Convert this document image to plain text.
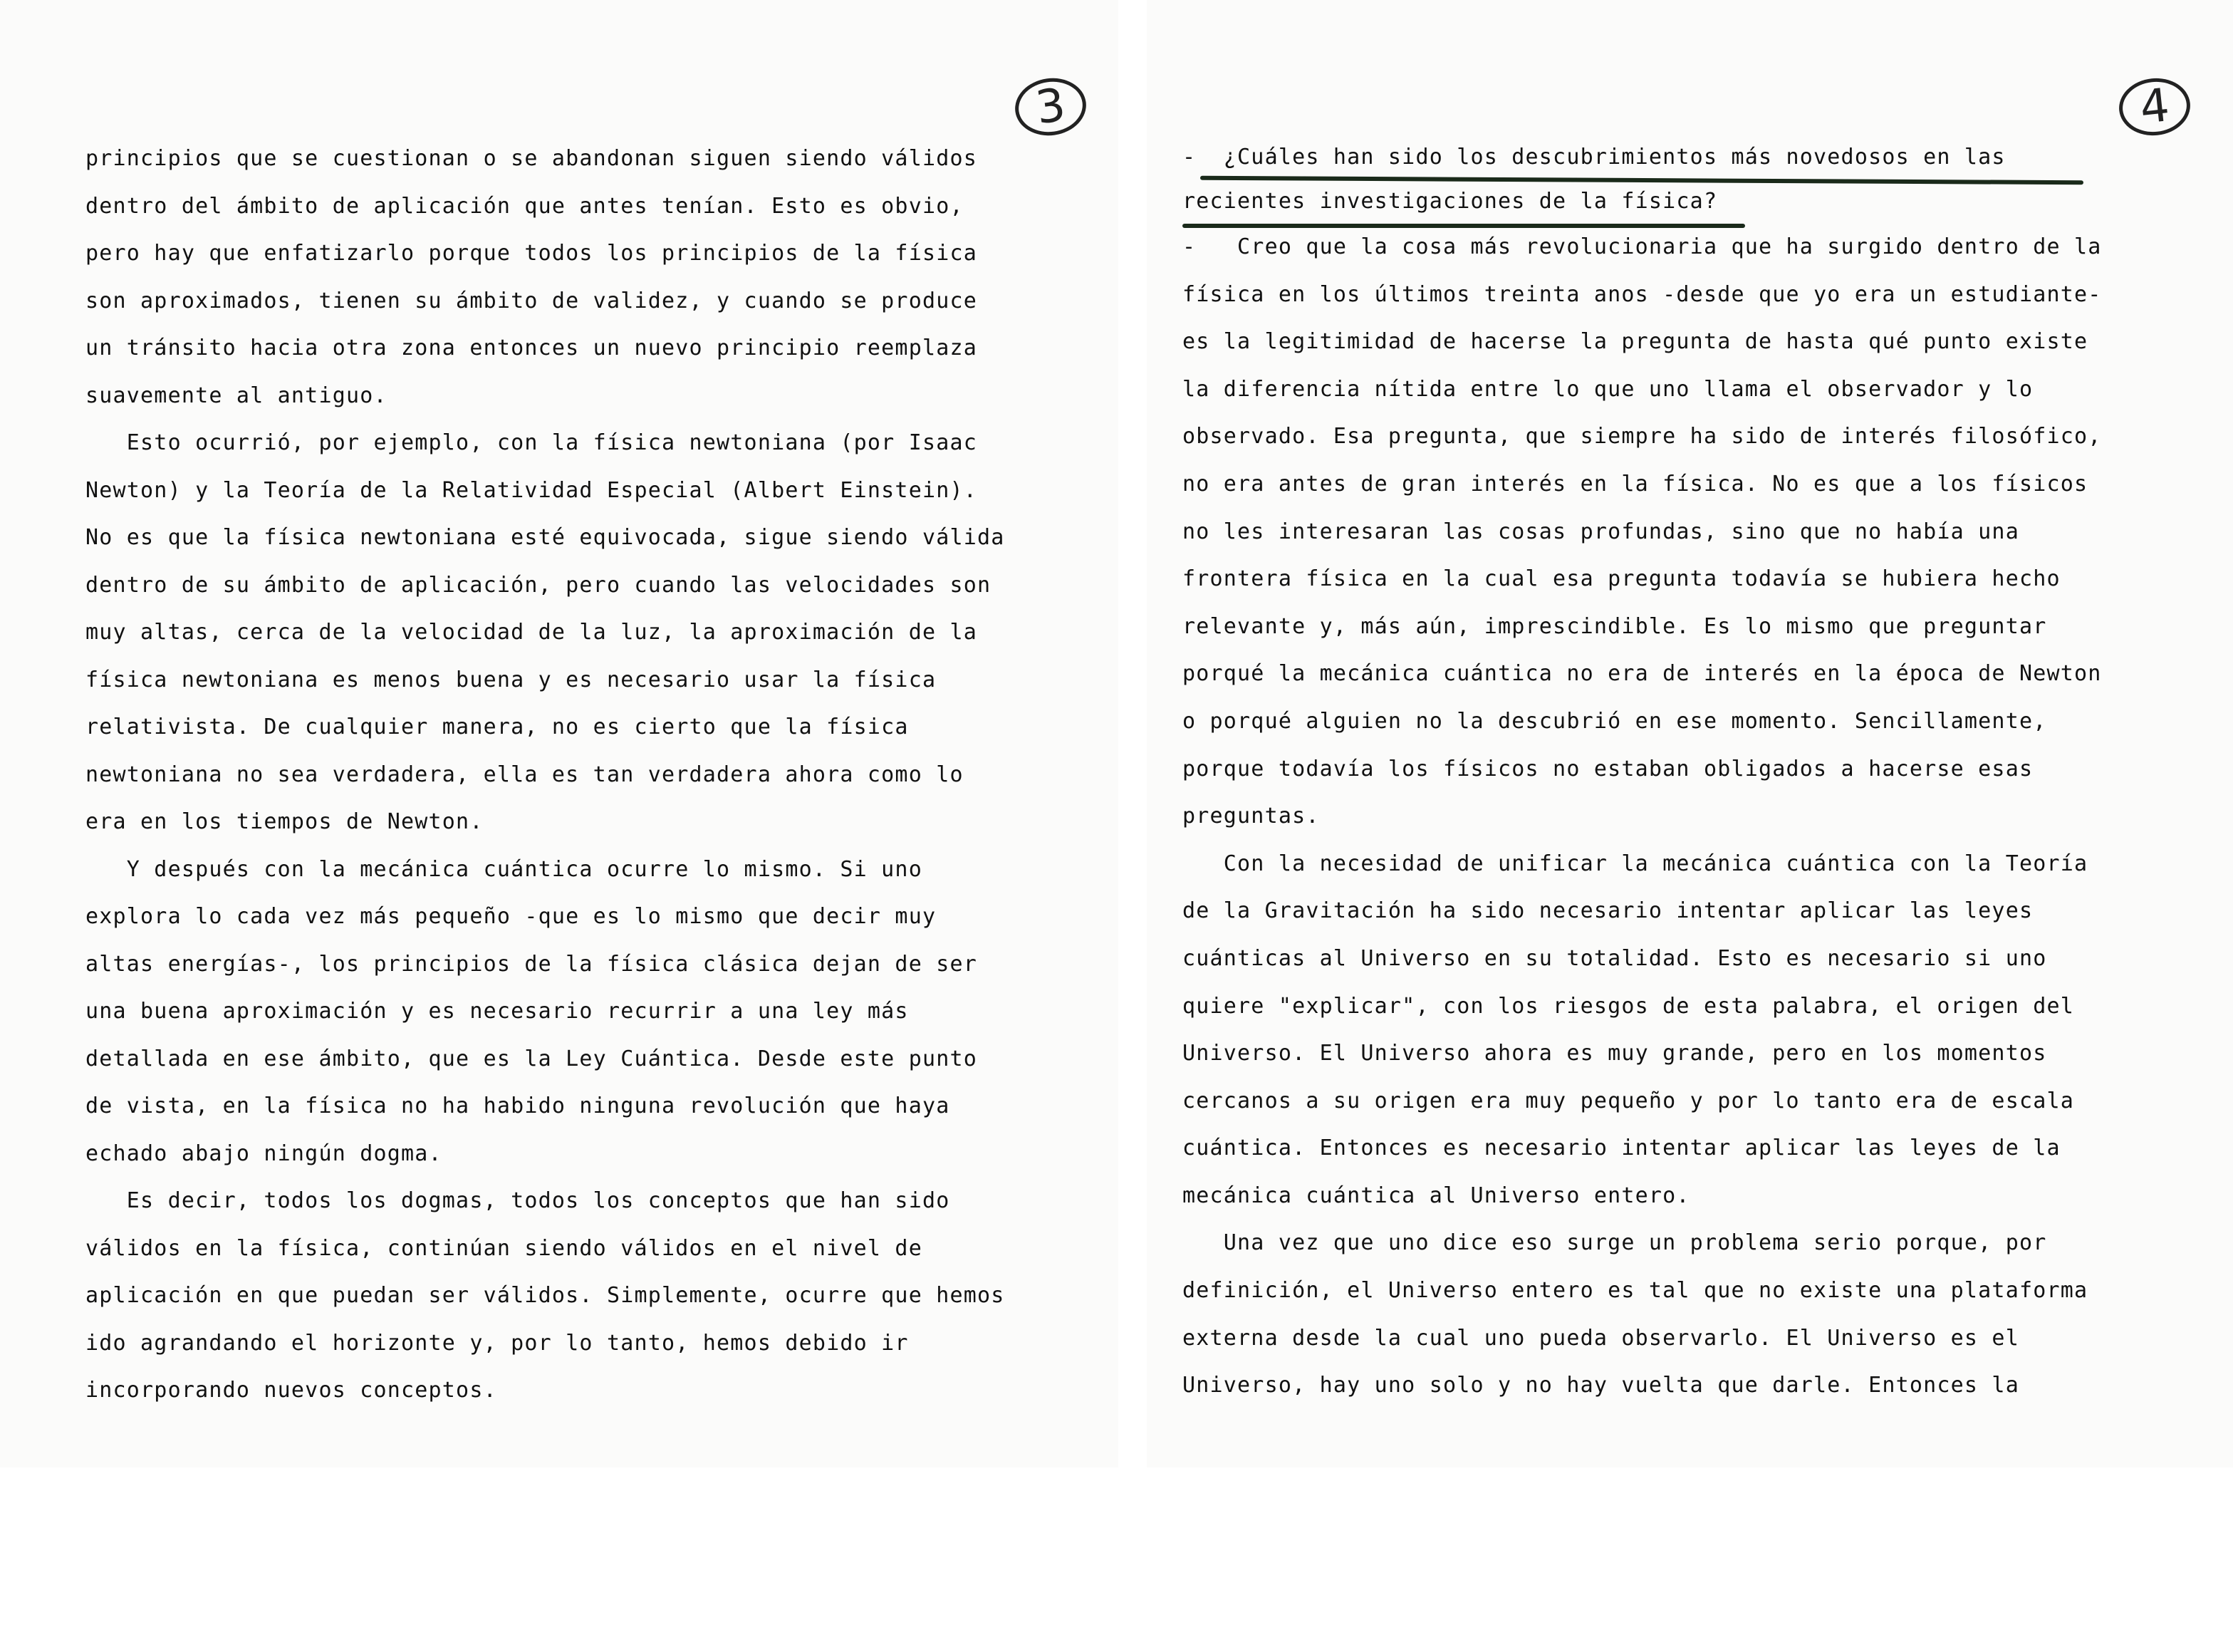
3
principios que se cuestionan o se abandonan siguen siendo válidos
dentro del ámbito de aplicación que antes tenían. Esto es obvio,
pero hay que enfatizarlo porque todos los principios de la física
son aproximados, tienen su ámbito de validez, y cuando se produce
un tránsito hacia otra zona entonces un nuevo principio reemplaza
suavemente al antiguo.
Esto ocurrió, por ejemplo, con la física newtoniana (por Isaac
Newton) y la Teoría de la Relatividad Especial (Albert Einstein).
No es que la física newtoniana esté equivocada, sigue siendo válida
dentro de su ámbito de aplicación, pero cuando las velocidades son
muy altas, cerca de la velocidad de la luz, la aproximación de la
física newtoniana es menos buena y es necesario usar la física
relativista. De cualquier manera, no es cierto que la física
newtoniana no sea verdadera, ella es tan verdadera ahora como lo
era en los tiempos de Newton.
Y después con la mecánica cuántica ocurre lo mismo. Si uno
explora lo cada vez más pequeño -que es lo mismo que decir muy
altas energías-, los principios de la física clásica dejan de ser
una buena aproximación y es necesario recurrir a una ley más
detallada en ese ámbito, que es la Ley Cuántica. Desde este punto
de vista, en la física no ha habido ninguna revolución que haya
echado abajo ningún dogma.
Es decir, todos los dogmas, todos los conceptos que han sido
válidos en la física, continúan siendo válidos en el nivel de
aplicación en que puedan ser válidos. Simplemente, ocurre que hemos
ido agrandando el horizonte y, por lo tanto, hemos debido ir
incorporando nuevos conceptos.
4
-  ¿Cuáles han sido los descubrimientos más novedosos en las
recientes investigaciones de la física?
-   Creo que la cosa más revolucionaria que ha surgido dentro de la
física en los últimos treinta anos -desde que yo era un estudiante-
es la legitimidad de hacerse la pregunta de hasta qué punto existe
la diferencia nítida entre lo que uno llama el observador y lo
observado. Esa pregunta, que siempre ha sido de interés filosófico,
no era antes de gran interés en la física. No es que a los físicos
no les interesaran las cosas profundas, sino que no había una
frontera física en la cual esa pregunta todavía se hubiera hecho
relevante y, más aún, imprescindible. Es lo mismo que preguntar
porqué la mecánica cuántica no era de interés en la época de Newton
o porqué alguien no la descubrió en ese momento. Sencillamente,
porque todavía los físicos no estaban obligados a hacerse esas
preguntas.
Con la necesidad de unificar la mecánica cuántica con la Teoría
de la Gravitación ha sido necesario intentar aplicar las leyes
cuánticas al Universo en su totalidad. Esto es necesario si uno
quiere "explicar", con los riesgos de esta palabra, el origen del
Universo. El Universo ahora es muy grande, pero en los momentos
cercanos a su origen era muy pequeño y por lo tanto era de escala
cuántica. Entonces es necesario intentar aplicar las leyes de la
mecánica cuántica al Universo entero.
Una vez que uno dice eso surge un problema serio porque, por
definición, el Universo entero es tal que no existe una plataforma
externa desde la cual uno pueda observarlo. El Universo es el
Universo, hay uno solo y no hay vuelta que darle. Entonces la
